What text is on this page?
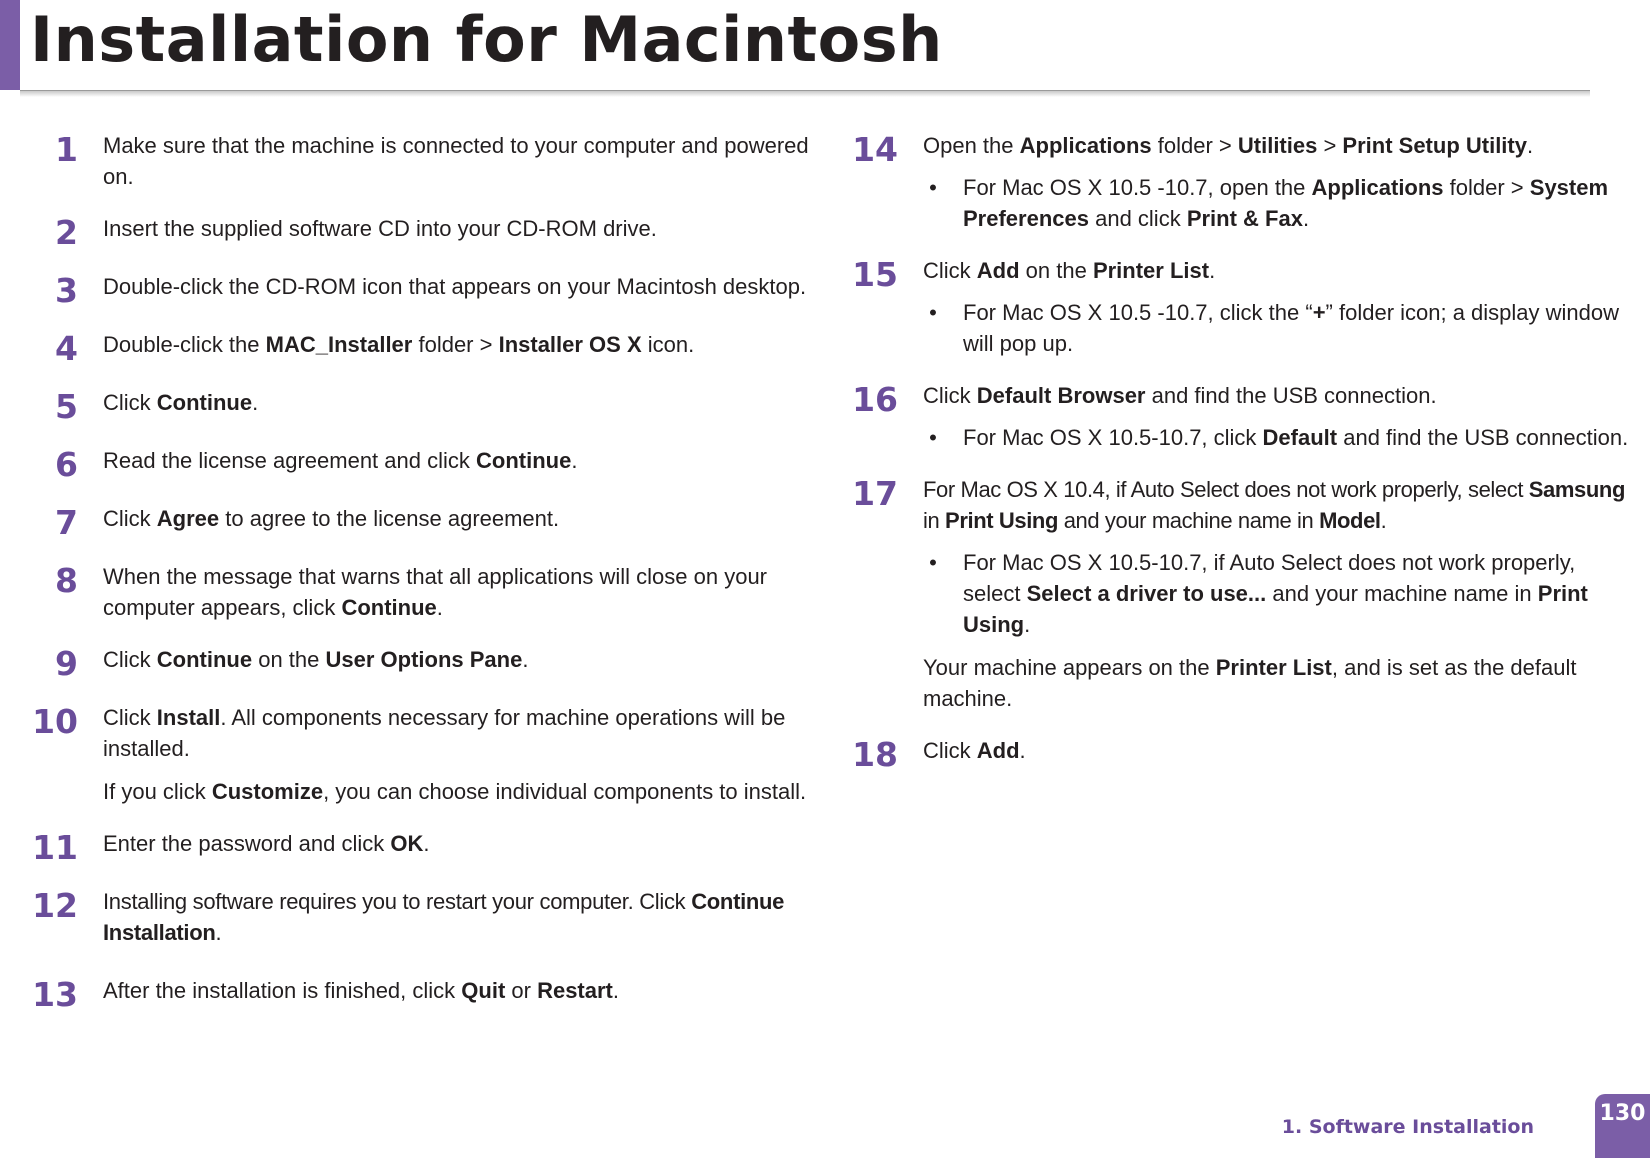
Installation for Macintosh
1 Make sure that the machine is connected to your computer and powered on.
2 Insert the supplied software CD into your CD-ROM drive.
3 Double-click the CD-ROM icon that appears on your Macintosh desktop.
4 Double-click the MAC_Installer folder > Installer OS X icon.
5 Click Continue.
6 Read the license agreement and click Continue.
7 Click Agree to agree to the license agreement.
8 When the message that warns that all applications will close on your computer appears, click Continue.
9 Click Continue on the User Options Pane.
10 Click Install. All components necessary for machine operations will be installed.
If you click Customize, you can choose individual components to install.
11 Enter the password and click OK.
12 Installing software requires you to restart your computer. Click Continue Installation.
13 After the installation is finished, click Quit or Restart.
14 Open the Applications folder > Utilities > Print Setup Utility.
• For Mac OS X 10.5 -10.7, open the Applications folder > System Preferences and click Print & Fax.
15 Click Add on the Printer List.
• For Mac OS X 10.5 -10.7, click the “+” folder icon; a display window will pop up.
16 Click Default Browser and find the USB connection.
• For Mac OS X 10.5-10.7, click Default and find the USB connection.
17 For Mac OS X 10.4, if Auto Select does not work properly, select Samsung in Print Using and your machine name in Model.
• For Mac OS X 10.5-10.7, if Auto Select does not work properly, select Select a driver to use... and your machine name in Print Using.
Your machine appears on the Printer List, and is set as the default machine.
18 Click Add.
1. Software Installation
130
